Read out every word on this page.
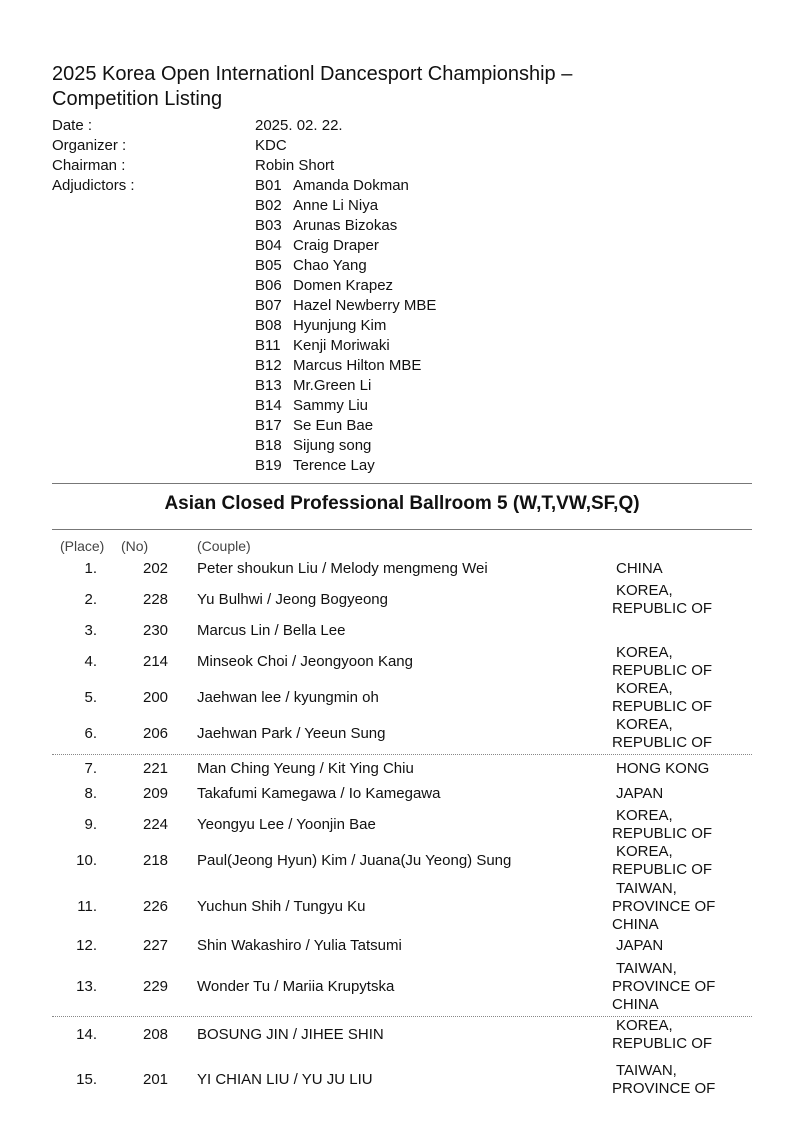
2025 Korea Open Internationl Dancesport Championship –
Competition Listing
Date :	2025. 02. 22.
Organizer :	KDC
Chairman :	Robin Short
Adjudictors :	B01 Amanda Dokman
B02 Anne Li Niya
B03 Arunas Bizokas
B04 Craig Draper
B05 Chao Yang
B06 Domen Krapez
B07 Hazel Newberry MBE
B08 Hyunjung Kim
B11 Kenji Moriwaki
B12 Marcus Hilton MBE
B13 Mr.Green Li
B14 Sammy Liu
B17 Se Eun Bae
B18 Sijung song
B19 Terence Lay
Asian Closed Professional Ballroom 5 (W,T,VW,SF,Q)
(Place) (No)	(Couple)
1.	202 Peter shoukun Liu / Melody mengmeng Wei	CHINA
2.	228 Yu Bulhwi / Jeong Bogyeong
KOREA,
REPUBLIC OF
3.	230 Marcus Lin / Bella Lee
4.	214 Minseok Choi / Jeongyoon Kang
KOREA,
REPUBLIC OF
5.	200 Jaehwan lee / kyungmin oh
KOREA,
REPUBLIC OF
6.	206 Jaehwan Park / Yeeun Sung
KOREA,
REPUBLIC OF
7.	221 Man Ching Yeung / Kit Ying Chiu	HONG KONG
8.	209 Takafumi Kamegawa / Io Kamegawa	JAPAN
9.	224 Yeongyu Lee / Yoonjin Bae
KOREA,
REPUBLIC OF
10.	218 Paul(Jeong Hyun) Kim / Juana(Ju Yeong) Sung
KOREA,
REPUBLIC OF
11.	226 Yuchun Shih / Tungyu Ku
TAIWAN,
PROVINCE OF
CHINA
12.	227 Shin Wakashiro / Yulia Tatsumi	JAPAN
13.	229 Wonder Tu / Mariia Krupytska
TAIWAN,
PROVINCE OF
CHINA
14.	208 BOSUNG JIN / JIHEE SHIN
KOREA,
REPUBLIC OF
15.	201 YI CHIAN LIU / YU JU LIU
TAIWAN,
PROVINCE OF
